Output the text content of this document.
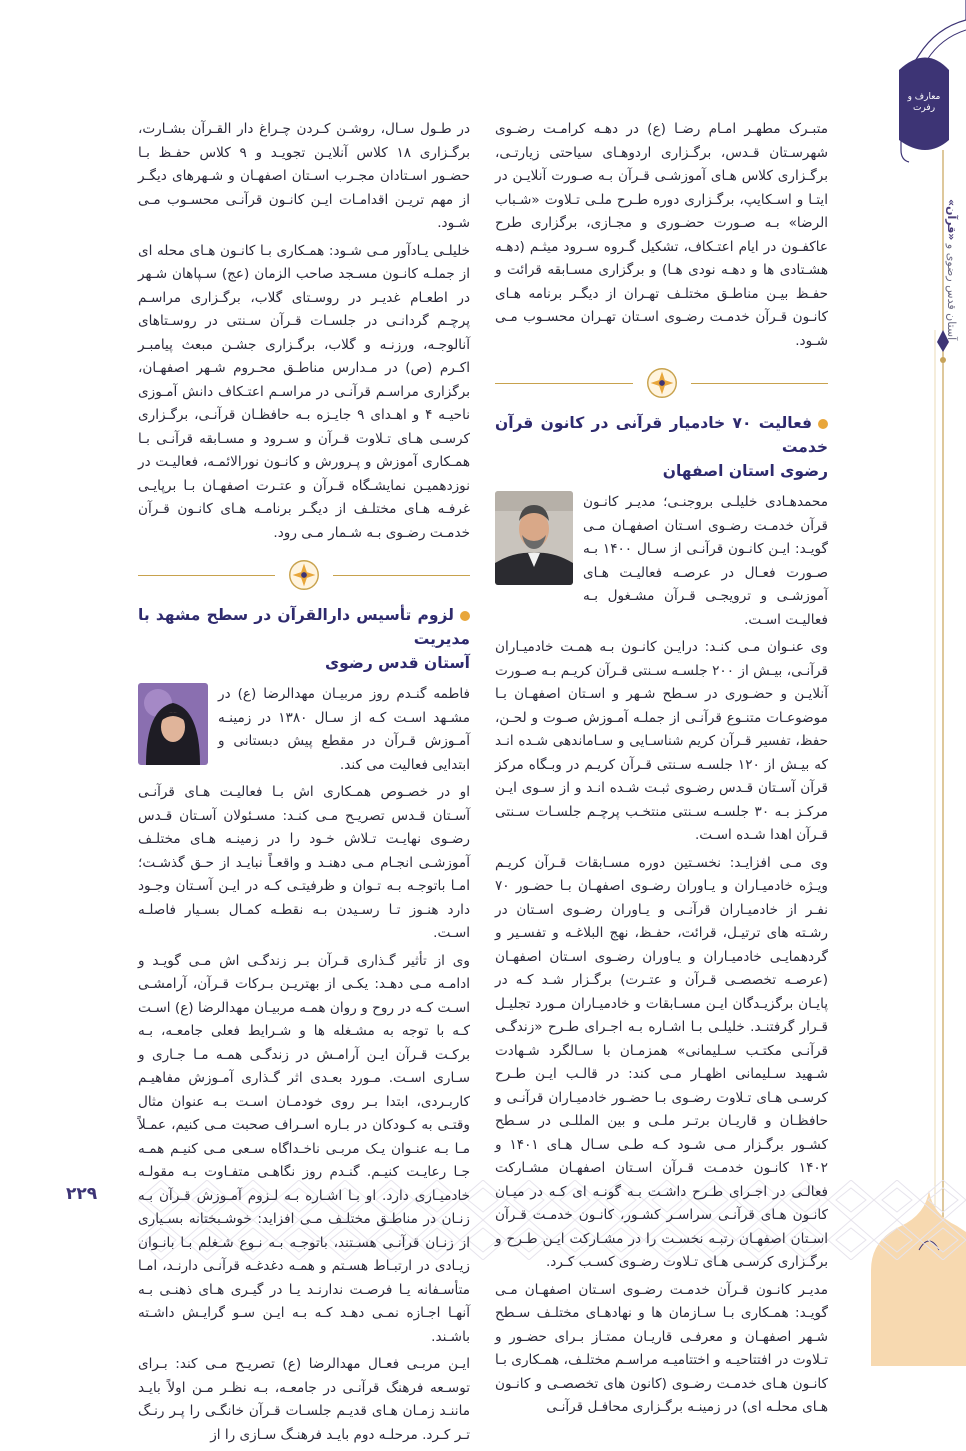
معارف و رفرت
آستان قدس رضوی و «قرآن»
۲۲۹

متبـرک مطهـر امـام رضـا (ع) در دهـه کرامـت رضـوی شهرسـتان قـدس، برگـزاری اردوهـای سیاحتی زیارتـی، برگـزاری کلاس هـای آموزشـی قـرآن بـه صـورت آنلایـن در ایتـا و اسـکایپ، برگـزاری دوره طـرح ملـی تـلاوت «شـباب الرضا» بـه صـورت حضـوری و مجـازی، برگزاری طرح عاکفـون در ایام اعتـکاف، تشکیل گـروه سـرود میثـم (دهـه هشـتادی ها و دهـه نودی هـا) و برگزاری مسـابقه قرائت و حفـظ بیـن مناطـق مختلـف تهـران از دیگـر برنامه هـای کانـون قـرآن خدمـت رضـوی اسـتان تهـران محسـوب مـی شـود.

فعالیت ۷۰ خادمیار قرآنی در کانون قرآن خدمت
رضوی استان اصفهان

محمدهـادی خلیلـی بروجنـی؛ مدیـر کانـون قرآن خدمـت رضـوی اسـتان اصفهـان مـی گویـد: ایـن کانـون قرآنـی از سـال ۱۴۰۰ بـه صـورت فعـال در عرصـه فعالیـت هـای آموزشـی و ترویجـی قـرآن مشـغول بـه فعالیـت اسـت.

وی عنـوان مـی کنـد: درایـن کانـون بـه همـت خادمیـاران قرآنـی، بیـش از ۲۰۰ جلسـه سـنتی قـرآن کریـم بـه صـورت آنلایـن و حضـوری در سـطح شـهر و اسـتان اصفهـان بـا موضوعـات متنـوع قرآنـی از جملـه آمـوزش صـوت و لحـن، حفظ، تفسیر قـرآن کریم شناسـایی و سـاماندهی شـده انـد که بیـش از ۱۲۰ جلسـه سـنتی قـرآن کریـم در وبـگاه مرکز قرآن آسـتان قـدس رضـوی ثبـت شـده انـد و از سـوی ایـن مرکـز بـه ۳۰ جلسـه سـنتی منتخـب پرچـم جلسـات سـنتی قـرآن اهدا شـده اسـت.

وی مـی افزایـد: نخسـتین دوره مسـابقات قـرآن کریـم ویـژه خادمیـاران و یـاوران رضـوی اصفهـان بـا حضـور ۷۰ نفـر از خادمیـاران قرآنـی و یـاوران رضـوی اسـتان در رشـته های ترتیـل، قرائت، حفـظ، نهج البلاغـه و تفسـیر و گردهمایـی خادمیـاران و یـاوران رضـوی اسـتان اصفهـان (عرصـه تخصصـی قـرآن و عتـرت) برگـزار شـد کـه در پایـان برگزیـدگان ایـن مسـابقات و خادمیـاران مـورد تجلیـل قـرار گرفتنـد. خلیلـی بـا اشـاره بـه اجـرای طـرح «زندگـی قرآنـی مکتـب سـلیمانی» همزمـان با سـالگرد شـهادت شـهید سـلیمانی اظهـار مـی کند: در قالـب ایـن طـرح کرسـی هـای تـلاوت رضـوی بـا حضـور خادمیـاران قرآنـی و حافظـان و قاریـان برتـر ملـی و بین المللـی در سـطح کشـور برگـزار مـی شـود کـه طـی سـال هـای ۱۴۰۱ و ۱۴۰۲ کانـون خدمـت قـرآن اسـتان اصفهـان مشـارکت فعالـی در اجـرای طـرح داشـت بـه گونـه ای کـه در میـان کانـون هـای قرآنـی سراسـر کشـور، کانـون خدمـت قـرآن اسـتان اصفهـان رتبـه نخسـت را در مشـارکت ایـن طـرح و برگـزاری کرسـی هـای تـلاوت رضـوی کسـب کـرد.

مدیـر کانـون قـرآن خدمـت رضـوی اسـتان اصفهـان مـی گویـد: همـکاری بـا سـازمان ها و نهادهـای مختلـف سـطح شـهر اصفهـان و معرفـی قاریـان ممتـاز بـرای حضـور و تـلاوت در افتتاحیـه و اختتامیـه مراسـم مختلـف، همـکاری بـا کانـون هـای خدمـت رضـوی (کانون های تخصصـی و کانـون هـای محلـه ای) در زمینـه برگـزاری محافـل قرآنـی

در طـول سـال، روشـن کـردن چـراغ دار القـرآن بشـارت، برگـزاری ۱۸ کلاس آنلایـن تجویـد و ۹ کلاس حفـظ بـا حضـور اسـتادان مجـرب اسـتان اصفهـان و شـهرهای دیگـر از مهم تریـن اقدامـات ایـن کانـون قرآنـی محسـوب مـی شـود.

خلیلـی یـادآور مـی شـود: همـکاری بـا کانـون هـای محله ای از جملـه کانـون مسـجد صاحب الزمان (عج) سـپاهان شـهر در اطعـام غدیـر در روسـتای گلاب، برگـزاری مراسـم پرچـم گردانـی در جلسـات قـرآن سـنتی در روسـتاهای آنالوجـه، ورزنـه و گلاب، برگـزاری جشـن مبعث پیامبـر اکـرم (ص) در مـدارس مناطـق محـروم شـهر اصفهـان، برگزاری مراسـم قرآنـی در مراسـم اعتـکاف دانش آمـوزی ناحیـه ۴ و اهـدای ۹ جایـزه بـه حافظـان قرآنـی، برگـزاری کرسـی هـای تـلاوت قـرآن و سـرود و مسـابقه قرآنـی بـا همـکاری آموزش و پـرورش و کانـون نورالائمـه، فعالیـت در نوزدهمیـن نمایشـگاه قـرآن و عتـرت اصفهـان بـا برپایـی غرفـه هـای مختلـف از دیگـر برنامـه هـای کانـون قـرآن خدمـت رضـوی بـه شـمار مـی رود.

لزوم تأسیس دارالقرآن در سطح مشهد با مدیریت
آستان قدس رضوی

فاطمه گنـدم روز مربیـان مهدالرضا (ع) در مشـهد اسـت کـه از سـال ۱۳۸۰ در زمینـه آمـوزش قـرآن در مقطع پیش دبستانی و ابتدایی فعالیت می کند.

او در خصـوص همـکاری اش بـا فعالیـت هـای قرآنـی آسـتان قـدس تصریـح مـی کنـد: مسـئولان آسـتان قـدس رضـوی نهایـت تـلاش خـود را در زمینـه هـای مختلـف آموزشـی انجـام مـی دهنـد و واقعـاً نبایـد از حـق گذشـت؛ امـا باتوجـه بـه تـوان و ظرفیتـی کـه در ایـن آسـتان وجـود دارد هنـوز تـا رسـیدن بـه نقطـه کمـال بسـیار فاصلـه اسـت.

وی از تأثیر گـذاری قـرآن بـر زندگـی اش مـی گویـد و ادامـه مـی دهـد: یکـی از بهتریـن بـرکات قـرآن، آرامشـی اسـت کـه در روح و روان همـه مربیـان مهدالرضا (ع) اسـت کـه با توجه به مشـغله ها و شـرایط فعلی جامعـه، بـه برکـت قـرآن ایـن آرامـش در زندگـی همـه مـا جـاری و سـاری اسـت. مـورد بعـدی اثر گـذاری آمـوزش مفاهیـم کاربـردی، ابتدا بـر روی خودمـان اسـت بـه عنوان مثال وقتـی به کـودکان در بـاره اسـراف صحبت مـی کنیم، عمـلاً مـا بـه عنـوان یـک مربـی ناخـداگاه سـعی مـی کنیـم همـه جـا رعایـت کنیـم. گنـدم روز نگاهـی متفـاوت بـه مقولـه خادمیـاری دارد. او بـا اشـاره بـه لـزوم آمـوزش قـرآن بـه زنـان در مناطـق مختلـف مـی افزاید: خوشـبختانه بسـیاری از زنـان قرآنـی هسـتند، باتوجـه بـه نـوع شـغلم بـا بانـوان زیـادی در ارتبـاط هسـتم و همـه دغدغـه قرآنـی دارنـد، امـا متأسـفانه یـا فرصـت ندارنـد یـا در گیـری هـای ذهنـی بـه آنهـا اجـازه نمـی دهـد کـه بـه ایـن سـو گرایـش داشـته باشـند.

ایـن مربـی فعـال مهدالرضا (ع) تصریـح مـی کند: بـرای توسـعه فرهنگ قرآنـی در جامعـه، بـه نظـر مـن اولاً بایـد ماننـد زمـان هـای قدیـم جلسـات قـرآن خانگـی را پـر رنـگ تـر کـرد. مرحلـه دوم بایـد فرهنـگ سـازی را از
